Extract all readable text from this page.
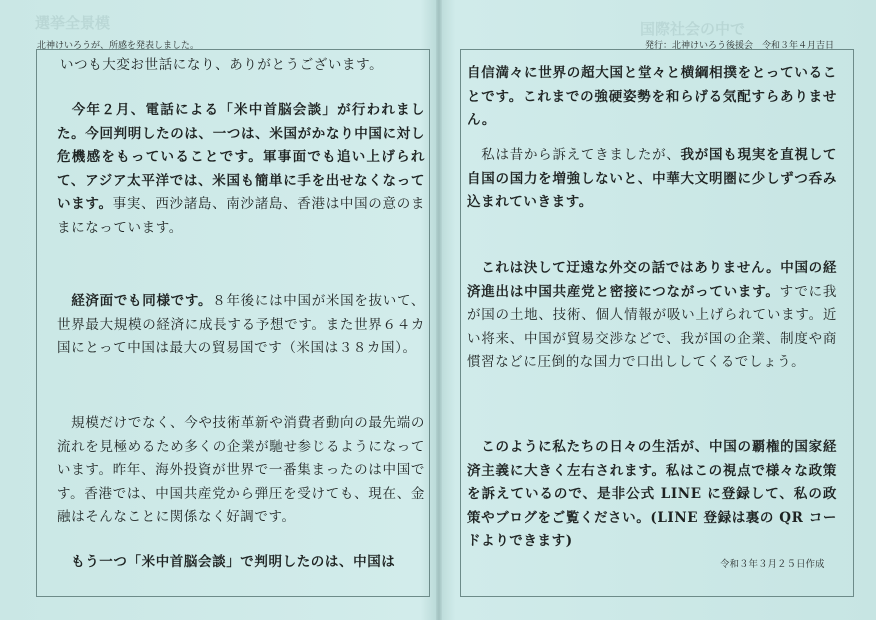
選挙全景模	国際社会の中で
北神けいろうが、所感を発表しました。	発行：北神けいろう後援会　令和３年４月吉日
いつも大変お世話になり、ありがとうございます。
　今年２月、電話による「米中首脳会談」が行われました。今回判明したのは、一つは、米国がかなり中国に対し危機感をもっていることです。軍事面でも追い上げられて、アジア太平洋では、米国も簡単に手を出せなくなっています。事実、西沙諸島、南沙諸島、香港は中国の意のままになっています。
　経済面でも同様です。８年後には中国が米国を抜いて、世界最大規模の経済に成長する予想です。また世界６４カ国にとって中国は最大の貿易国です（米国は３８カ国）。
　規模だけでなく、今や技術革新や消費者動向の最先端の流れを見極めるため多くの企業が馳せ参じるようになっています。昨年、海外投資が世界で一番集まったのは中国です。香港では、中国共産党から弾圧を受けても、現在、金融はそんなことに関係なく好調です。
　もう一つ「米中首脳会談」で判明したのは、中国は
自信満々に世界の超大国と堂々と横綱相撲をとっていることです。これまでの強硬姿勢を和らげる気配すらありません。
　私は昔から訴えてきましたが、我が国も現実を直視して自国の国力を増強しないと、中華大文明圏に少しずつ呑み込まれていきます。
　これは決して迂遠な外交の話ではありません。中国の経済進出は中国共産党と密接につながっています。すでに我が国の土地、技術、個人情報が吸い上げられています。近い将来、中国が貿易交渉などで、我が国の企業、制度や商慣習などに圧倒的な国力で口出ししてくるでしょう。
　このように私たちの日々の生活が、中国の覇権的国家経済主義に大きく左右されます。私はこの視点で様々な政策を訴えているので、是非公式 LINE に登録して、私の政策やブログをご覧ください。(LINE 登録は裏の QR コードよりできます)
令和３年３月２５日作成
